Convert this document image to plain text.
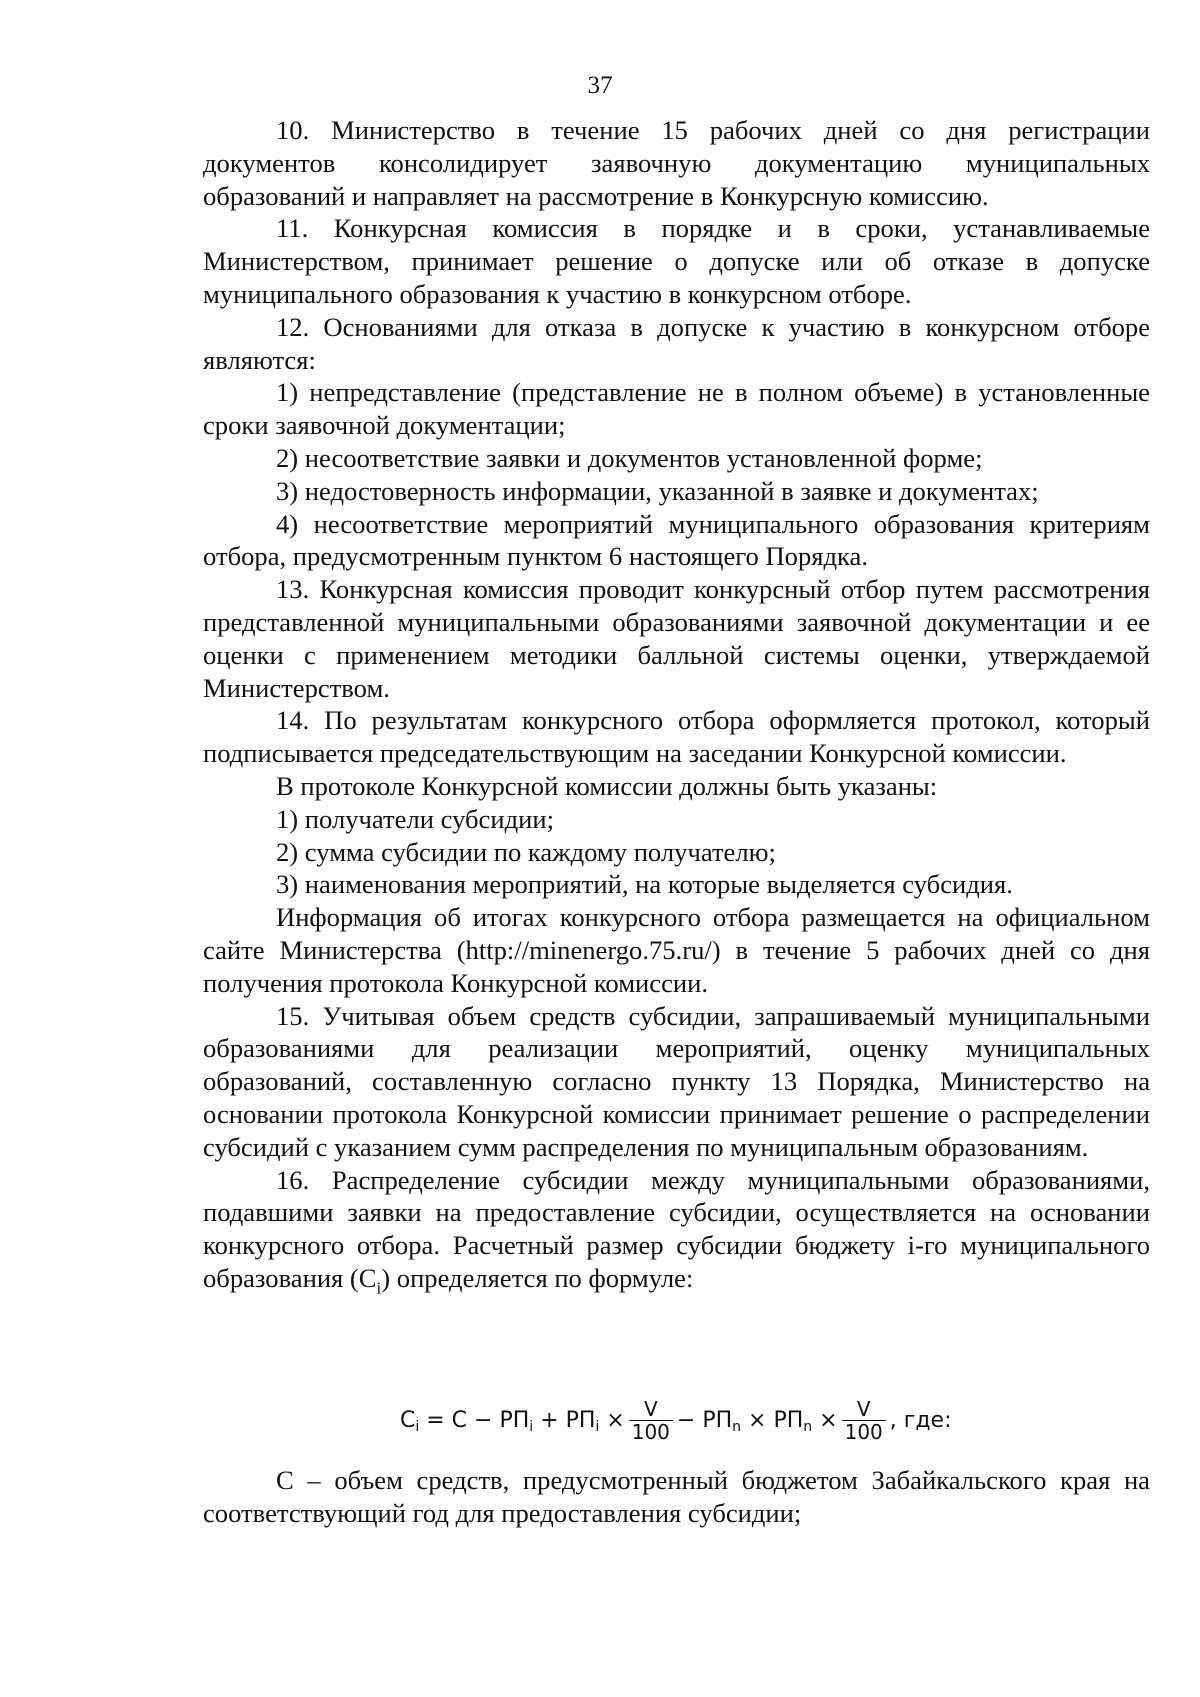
37

10. Министерство в течение 15 рабочих дней со дня регистрации документов консолидирует заявочную документацию муниципальных образований и направляет на рассмотрение в Конкурсную комиссию.

11. Конкурсная комиссия в порядке и в сроки, устанавливаемые Министерством, принимает решение о допуске или об отказе в допуске муниципального образования к участию в конкурсном отборе.

12. Основаниями для отказа в допуске к участию в конкурсном отборе являются:

1) непредставление (представление не в полном объеме) в установленные сроки заявочной документации;

2) несоответствие заявки и документов установленной форме;

3) недостоверность информации, указанной в заявке и документах;

4) несоответствие мероприятий муниципального образования критериям отбора, предусмотренным пунктом 6 настоящего Порядка.

13. Конкурсная комиссия проводит конкурсный отбор путем рассмотрения представленной муниципальными образованиями заявочной документации и ее оценки с применением методики балльной системы оценки, утверждаемой Министерством.

14. По результатам конкурсного отбора оформляется протокол, который подписывается председательствующим на заседании Конкурсной комиссии.

В протоколе Конкурсной комиссии должны быть указаны:

1) получатели субсидии;

2) сумма субсидии по каждому получателю;

3) наименования мероприятий, на которые выделяется субсидия.

Информация об итогах конкурсного отбора размещается на официальном сайте Министерства (http://minenergo.75.ru/) в течение 5 рабочих дней со дня получения протокола Конкурсной комиссии.

15. Учитывая объем средств субсидии, запрашиваемый муниципальными образованиями для реализации мероприятий, оценку муниципальных образований, составленную согласно пункту 13 Порядка, Министерство на основании протокола Конкурсной комиссии принимает решение о распределении субсидий с указанием сумм распределения по муниципальным образованиям.

16. Распределение субсидии между муниципальными образованиями, подавшими заявки на предоставление субсидии, осуществляется на основании конкурсного отбора. Расчетный размер субсидии бюджету i-го муниципального образования $(C_i)$ определяется по формуле:

C i = C − РП i + РП $i \times \frac{V}{100}$ − РП n × РП $n \times \frac{V}{100}$ , где:

C – объем средств, предусмотренный бюджетом Забайкальского края на соответствующий год для предоставления субсидии;
